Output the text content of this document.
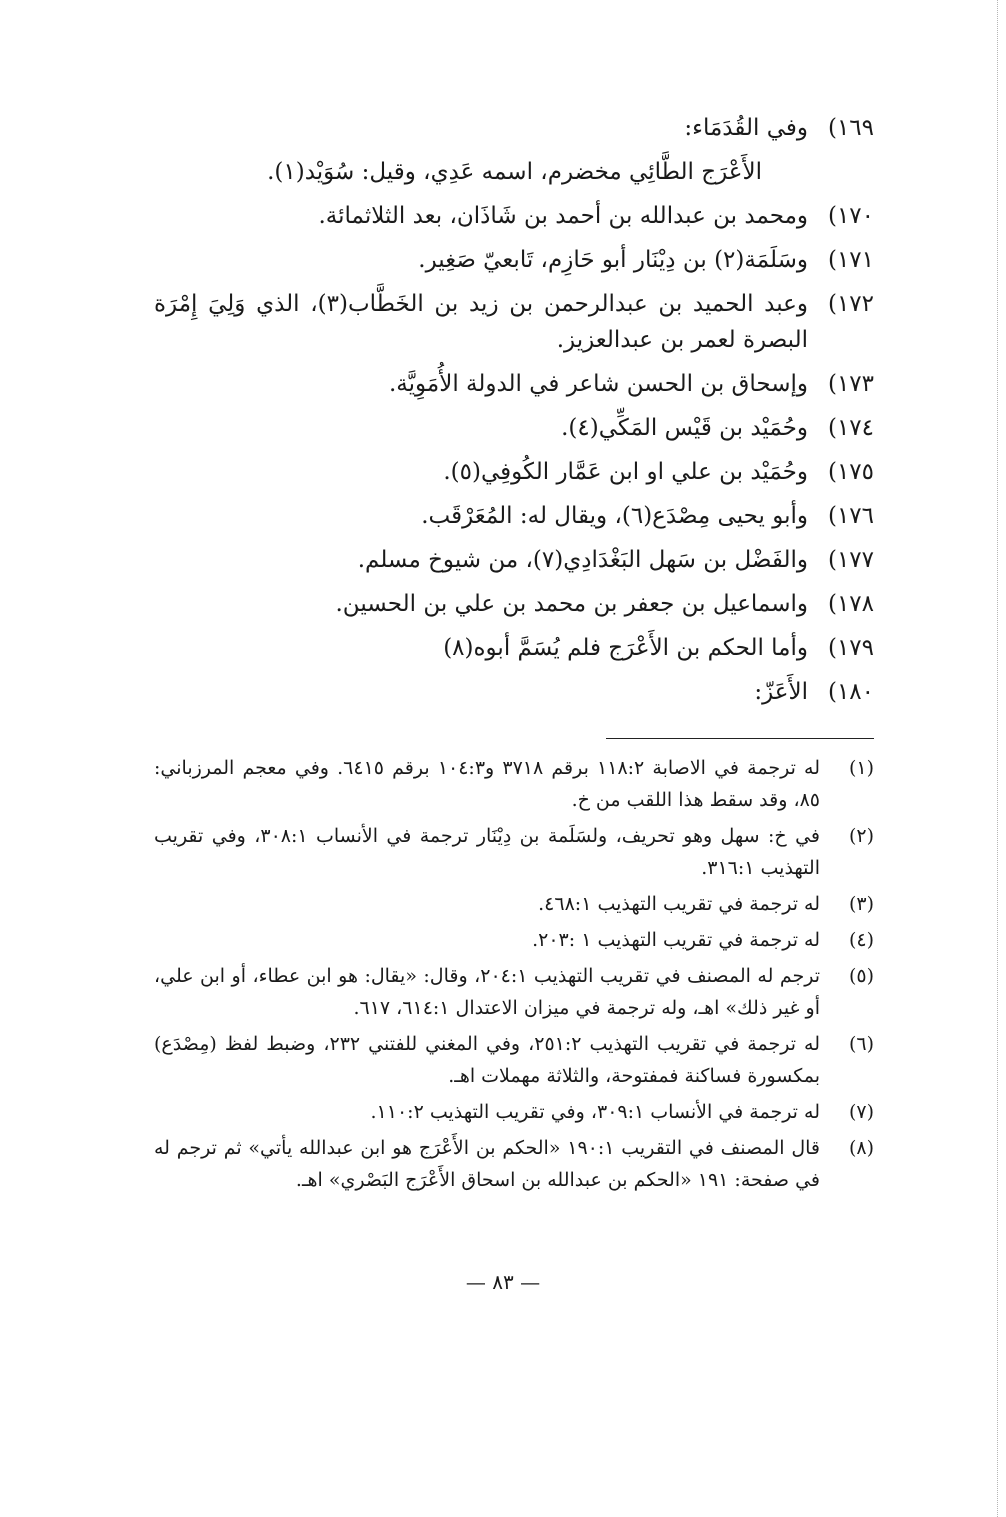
١٦٩)
وفي القُدَمَاء:
الأَعْرَج الطَّائِي مخضرم، اسمه عَدِي، وقيل: سُوَيْد(١).
١٧٠)
ومحمد بن عبدالله بن أحمد بن شَاذَان، بعد الثلاثمائة.
١٧١)
وسَلَمَة(٢) بن دِيْنَار أبو حَازِم، تَابعيّ صَغِير.
١٧٢)
وعبد الحميد بن عبدالرحمن بن زيد بن الخَطَّاب(٣)، الذي وَلِيَ إِمْرَة
البصرة لعمر بن عبدالعزيز.
١٧٣)
وإسحاق بن الحسن شاعر في الدولة الأُمَوِيَّة.
١٧٤)
وحُمَيْد بن قَيْس المَكِّي(٤).
١٧٥)
وحُمَيْد بن علي او ابن عَمَّار الكُوفِي(٥).
١٧٦)
وأبو يحيى مِصْدَع(٦)، ويقال له: المُعَرْقَب.
١٧٧)
والفَضْل بن سَهل البَغْدَادِي(٧)، من شيوخ مسلم.
١٧٨)
واسماعيل بن جعفر بن محمد بن علي بن الحسين.
١٧٩)
وأما الحكم بن الأَعْرَج فلم يُسَمَّ أبوه(٨)
١٨٠)
الأَعَزّ:
(١)
له ترجمة في الاصابة ١١٨:٢ برقم ٣٧١٨ و١٠٤:٣ برقم ٦٤١٥. وفي معجم المرزباني:
٨٥، وقد سقط هذا اللقب من خ.
(٢)
في خ: سهل وهو تحريف، ولسَلَمة بن دِيْنَار ترجمة في الأنساب ٣٠٨:١، وفي تقريب
التهذيب ٣١٦:١.
(٣)
له ترجمة في تقريب التهذيب ٤٦٨:١.
(٤)
له ترجمة في تقريب التهذيب ١ :٢٠٣.
(٥)
ترجم له المصنف في تقريب التهذيب ٢٠٤:١، وقال: «يقال: هو ابن عطاء، أو ابن علي،
أو غير ذلك» اهـ، وله ترجمة في ميزان الاعتدال ٦١٤:١، ٦١٧.
(٦)
له ترجمة في تقريب التهذيب ٢٥١:٢، وفي المغني للفتني ٢٣٢، وضبط لفظ (مِصْدَع)
بمكسورة فساكنة فمفتوحة، والثلاثة مهملات اهـ.
(٧)
له ترجمة في الأنساب ٣٠٩:١، وفي تقريب التهذيب ١١٠:٢.
(٨)
قال المصنف في التقريب ١٩٠:١ «الحكم بن الأَعْرَج هو ابن عبدالله يأتي» ثم ترجم له
في صفحة: ١٩١ «الحكم بن عبدالله بن اسحاق الأَعْرَج البَصْري» اهـ.
— ٨٣ —
